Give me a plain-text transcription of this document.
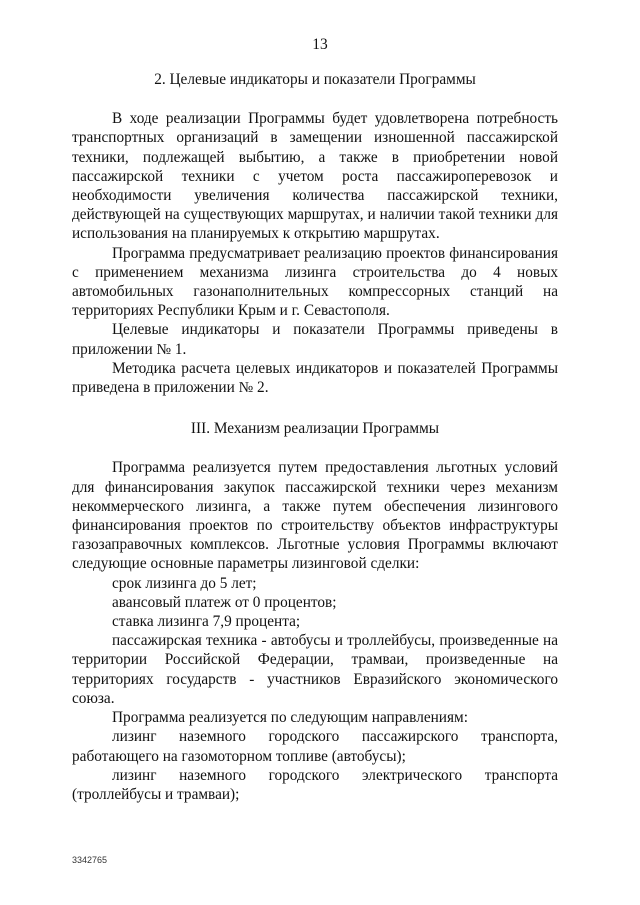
13

2. Целевые индикаторы и показатели Программы

В ходе реализации Программы будет удовлетворена потребность транспортных организаций в замещении изношенной пассажирской техники, подлежащей выбытию, а также в приобретении новой пассажирской техники с учетом роста пассажироперевозок и необходимости увеличения количества пассажирской техники, действующей на существующих маршрутах, и наличии такой техники для использования на планируемых к открытию маршрутах.

Программа предусматривает реализацию проектов финансирования с применением механизма лизинга строительства до 4 новых автомобильных газонаполнительных компрессорных станций на территориях Республики Крым и г. Севастополя.

Целевые индикаторы и показатели Программы приведены в приложении № 1.

Методика расчета целевых индикаторов и показателей Программы приведена в приложении № 2.

III. Механизм реализации Программы

Программа реализуется путем предоставления льготных условий для финансирования закупок пассажирской техники через механизм некоммерческого лизинга, а также путем обеспечения лизингового финансирования проектов по строительству объектов инфраструктуры газозаправочных комплексов. Льготные условия Программы включают следующие основные параметры лизинговой сделки:

срок лизинга до 5 лет;

авансовый платеж от 0 процентов;

ставка лизинга 7,9 процента;

пассажирская техника - автобусы и троллейбусы, произведенные на территории Российской Федерации, трамваи, произведенные на территориях государств - участников Евразийского экономического союза.

Программа реализуется по следующим направлениям:

лизинг наземного городского пассажирского транспорта, работающего на газомоторном топливе (автобусы);

лизинг наземного городского электрического транспорта (троллейбусы и трамваи);

3342765
